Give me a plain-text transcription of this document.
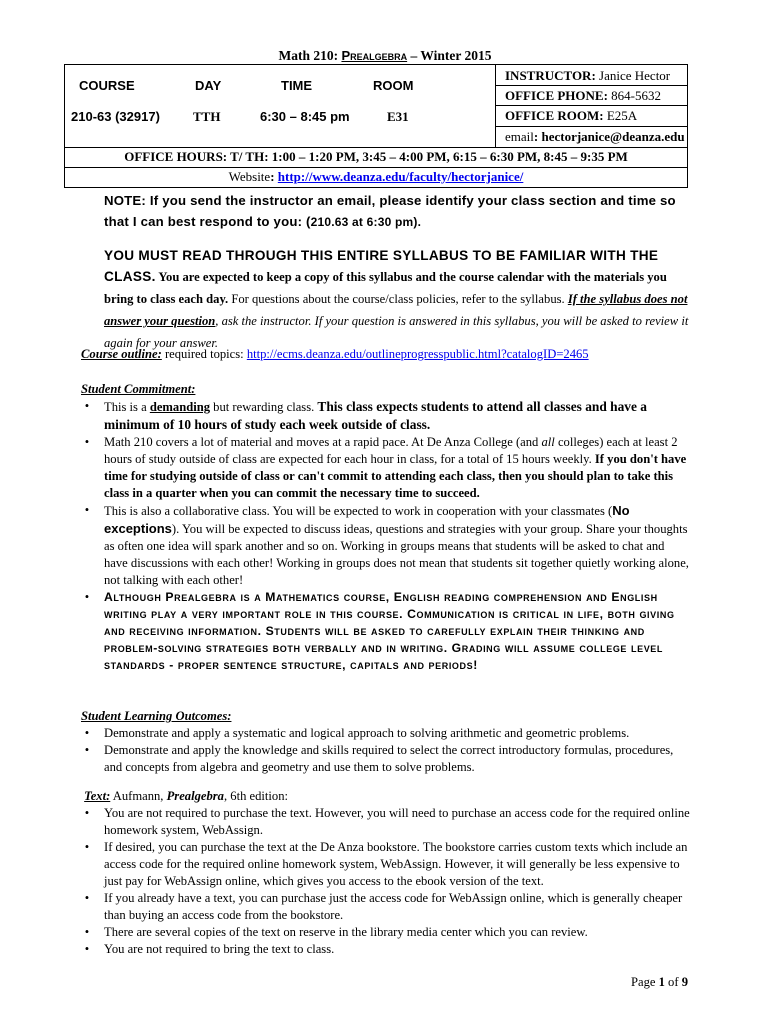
Math 210: Prealgebra – Winter 2015
COURSE	DAY	TIME	ROOM
210-63 (32917)	TTH	6:30 – 8:45 pm	E31
INSTRUCTOR: Janice Hector
OFFICE PHONE: 864-5632
OFFICE ROOM: E25A
email: hectorjanice@deanza.edu
OFFICE HOURS: T/ TH: 1:00 – 1:20 PM, 3:45 – 4:00 PM, 6:15 – 6:30 PM, 8:45 – 9:35 PM
Website: http://www.deanza.edu/faculty/hectorjanice/
NOTE: If you send the instructor an email, please identify your class section and time so that I can best respond to you: (210.63 at 6:30 pm).
YOU MUST READ THROUGH THIS ENTIRE SYLLABUS TO BE FAMILIAR WITH THE CLASS. You are expected to keep a copy of this syllabus and the course calendar with the materials you bring to class each day. For questions about the course/class policies, refer to the syllabus. If the syllabus does not answer your question, ask the instructor. If your question is answered in this syllabus, you will be asked to review it again for your answer.
Course outline: required topics: http://ecms.deanza.edu/outlineprogresspublic.html?catalogID=2465
Student Commitment:
•	This is a demanding but rewarding class. This class expects students to attend all classes and have a minimum of 10 hours of study each week outside of class.
•	Math 210 covers a lot of material and moves at a rapid pace. At De Anza College (and all colleges) each at least 2 hours of study outside of class are expected for each hour in class, for a total of 15 hours weekly. If you don't have time for studying outside of class or can't commit to attending each class, then you should plan to take this class in a quarter when you can commit the necessary time to succeed.
•	This is also a collaborative class. You will be expected to work in cooperation with your classmates (No exceptions). You will be expected to discuss ideas, questions and strategies with your group. Share your thoughts as often one idea will spark another and so on. Working in groups means that students will be asked to chat and have discussions with each other! Working in groups does not mean that students sit together quietly working alone, not talking with each other!
•	Although Prealgebra is a Mathematics course, English reading comprehension and English writing play a very important role in this course. Communication is critical in life, both giving and receiving information. Students will be asked to carefully explain their thinking and problem-solving strategies both verbally and in writing. Grading will assume college level standards - proper sentence structure, capitals and periods!
Student Learning Outcomes:
•	Demonstrate and apply a systematic and logical approach to solving arithmetic and geometric problems.
•	Demonstrate and apply the knowledge and skills required to select the correct introductory formulas, procedures, and concepts from algebra and geometry and use them to solve problems.
Text: Aufmann, Prealgebra, 6th edition:
•	You are not required to purchase the text. However, you will need to purchase an access code for the required online homework system, WebAssign.
•	If desired, you can purchase the text at the De Anza bookstore. The bookstore carries custom texts which include an access code for the required online homework system, WebAssign. However, it will generally be less expensive to just pay for WebAssign online, which gives you access to the ebook version of the text.
•	If you already have a text, you can purchase just the access code for WebAssign online, which is generally cheaper than buying an access code from the bookstore.
•	There are several copies of the text on reserve in the library media center which you can review.
•	You are not required to bring the text to class.
Page 1 of 9
